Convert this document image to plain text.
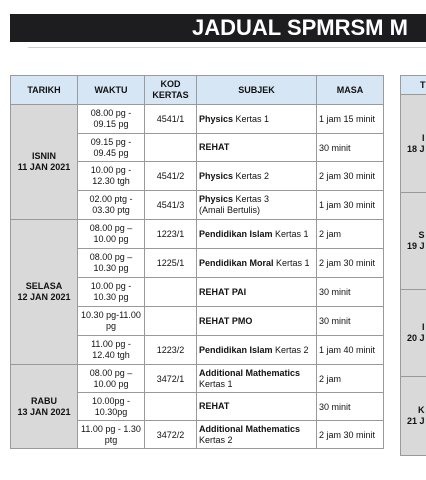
JADUAL SPMRSM M
TARIKH	WAKTU	KOD
KERTAS	SUBJEK	MASA

ISNIN
11 JAN 2021	08.00 pg - 09.15 pg	4541/1	Physics Kertas 1	1 jam 15 minit
	09.15 pg - 09.45 pg		REHAT	30 minit
	10.00 pg - 12.30 tgh	4541/2	Physics Kertas 2	2 jam 30 minit
	02.00 ptg - 03.30 ptg	4541/3	Physics Kertas 3
(Amali Bertulis)	1 jam 30 minit

SELASA
12 JAN 2021	08.00 pg – 10.00 pg	1223/1	Pendidikan Islam Kertas 1	2 jam
	08.00 pg – 10.30 pg	1225/1	Pendidikan Moral Kertas 1	2 jam 30 minit
	10.00 pg - 10.30 pg		REHAT PAI	30 minit
	10.30 pg-11.00 pg		REHAT PMO	30 minit
	11.00 pg - 12.40 tgh	1223/2	Pendidikan Islam Kertas 2	1 jam 40 minit

RABU
13 JAN 2021	08.00 pg – 10.00 pg	3472/1	Additional Mathematics
Kertas 1	2 jam
	10.00pg - 10.30pg		REHAT	30 minit
	11.00 pg - 1.30 ptg	3472/2	Additional Mathematics
Kertas 2	2 jam 30 minit
T

I
18 J

S
19 J

I
20 J

K
21 J
